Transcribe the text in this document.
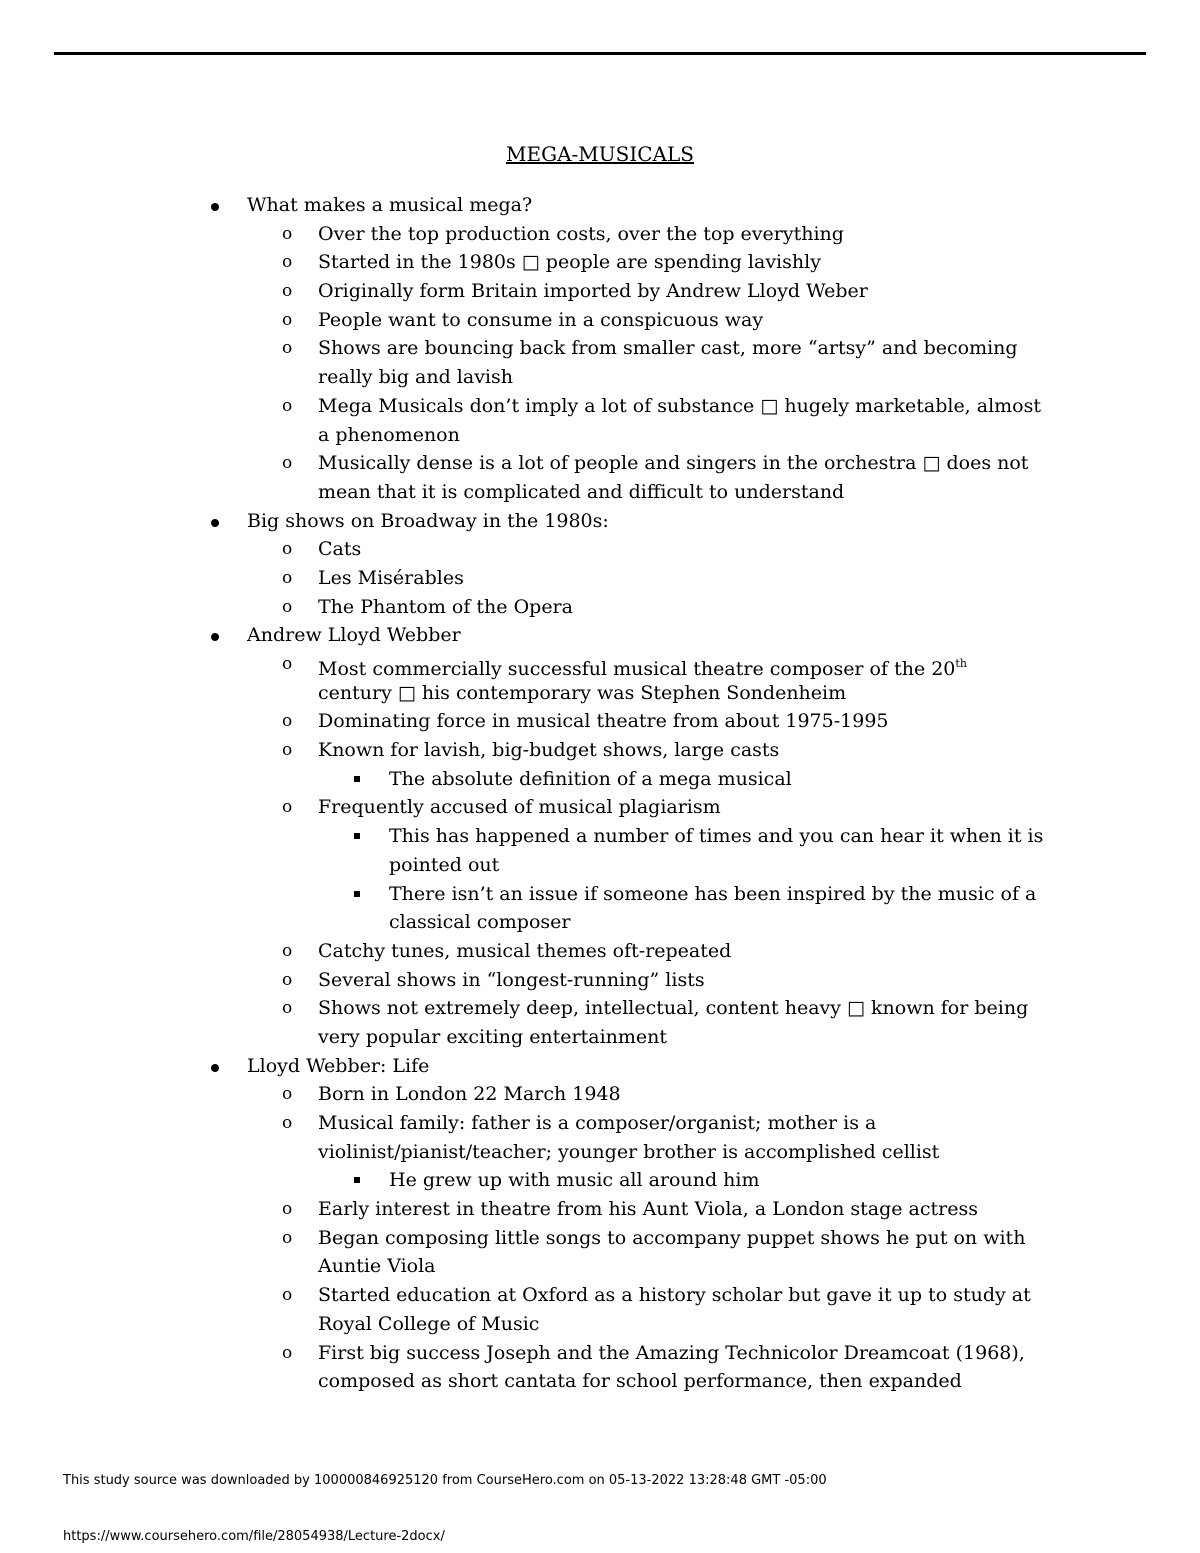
MEGA-MUSICALS
What makes a musical mega?
o Over the top production costs, over the top everything
o Started in the 1980s □ people are spending lavishly
o Originally form Britain imported by Andrew Lloyd Weber
o People want to consume in a conspicuous way
o Shows are bouncing back from smaller cast, more “artsy” and becoming
really big and lavish
o Mega Musicals don’t imply a lot of substance □ hugely marketable, almost
a phenomenon
o Musically dense is a lot of people and singers in the orchestra □ does not
mean that it is complicated and difficult to understand
Big shows on Broadway in the 1980s:
o Cats
o Les Misérables
o The Phantom of the Opera
Andrew Lloyd Webber
o Most commercially successful musical theatre composer of the 20th
century □ his contemporary was Stephen Sondenheim
o Dominating force in musical theatre from about 1975-1995
o Known for lavish, big-budget shows, large casts
The absolute definition of a mega musical
o Frequently accused of musical plagiarism
This has happened a number of times and you can hear it when it is
pointed out
There isn’t an issue if someone has been inspired by the music of a
classical composer
o Catchy tunes, musical themes oft-repeated
o Several shows in “longest-running” lists
o Shows not extremely deep, intellectual, content heavy □ known for being
very popular exciting entertainment
Lloyd Webber: Life
o Born in London 22 March 1948
o Musical family: father is a composer/organist; mother is a
violinist/pianist/teacher; younger brother is accomplished cellist
He grew up with music all around him
o Early interest in theatre from his Aunt Viola, a London stage actress
o Began composing little songs to accompany puppet shows he put on with
Auntie Viola
o Started education at Oxford as a history scholar but gave it up to study at
Royal College of Music
o First big success Joseph and the Amazing Technicolor Dreamcoat (1968),
composed as short cantata for school performance, then expanded
This study source was downloaded by 100000846925120 from CourseHero.com on 05-13-2022 13:28:48 GMT -05:00
https://www.coursehero.com/file/28054938/Lecture-2docx/
